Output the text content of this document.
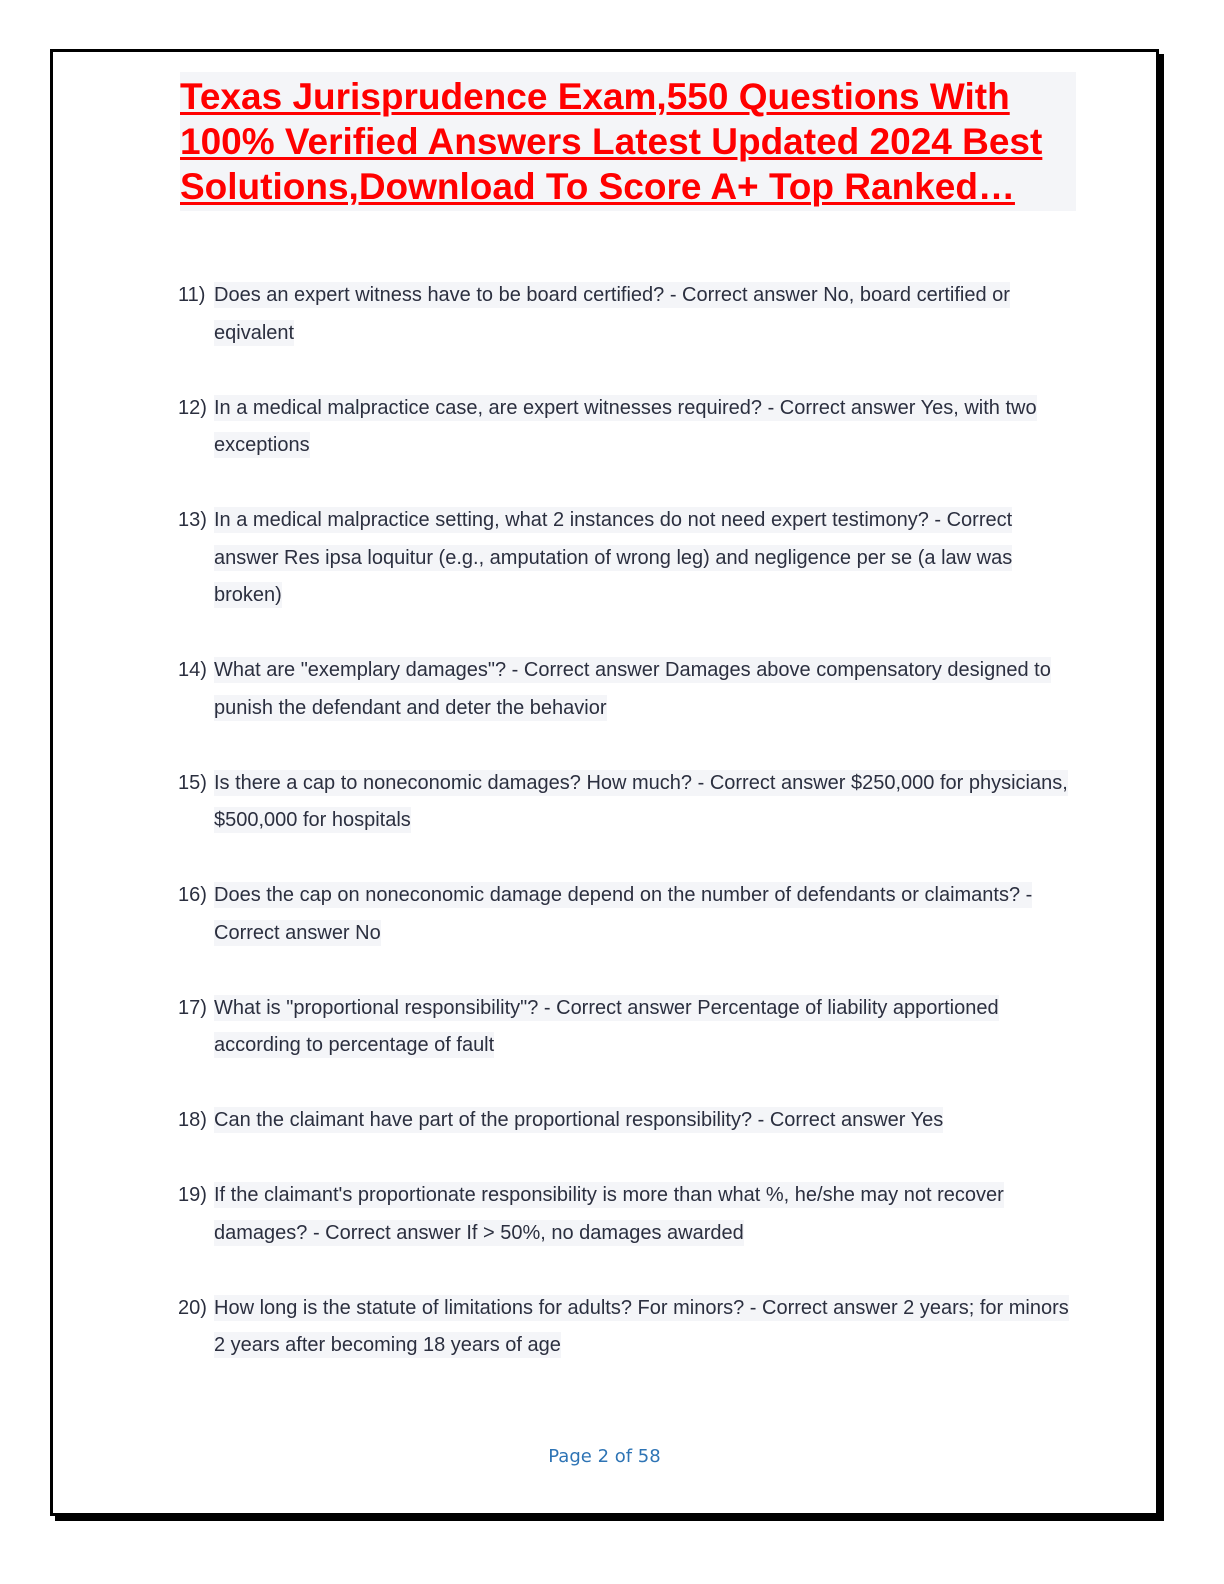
Texas Jurisprudence Exam,550 Questions With 100% Verified Answers Latest Updated 2024 Best Solutions,Download To Score A+ Top Ranked…
11) Does an expert witness have to be board certified? - Correct answer No, board certified or eqivalent
12) In a medical malpractice case, are expert witnesses required? - Correct answer Yes, with two exceptions
13) In a medical malpractice setting, what 2 instances do not need expert testimony? - Correct answer Res ipsa loquitur (e.g., amputation of wrong leg) and negligence per se (a law was broken)
14) What are "exemplary damages"? - Correct answer Damages above compensatory designed to punish the defendant and deter the behavior
15) Is there a cap to noneconomic damages? How much? - Correct answer $250,000 for physicians, $500,000 for hospitals
16) Does the cap on noneconomic damage depend on the number of defendants or claimants? - Correct answer No
17) What is "proportional responsibility"? - Correct answer Percentage of liability apportioned according to percentage of fault
18) Can the claimant have part of the proportional responsibility? - Correct answer Yes
19) If the claimant's proportionate responsibility is more than what %, he/she may not recover damages? - Correct answer If > 50%, no damages awarded
20) How long is the statute of limitations for adults? For minors? - Correct answer 2 years; for minors 2 years after becoming 18 years of age
Page 2 of 58
